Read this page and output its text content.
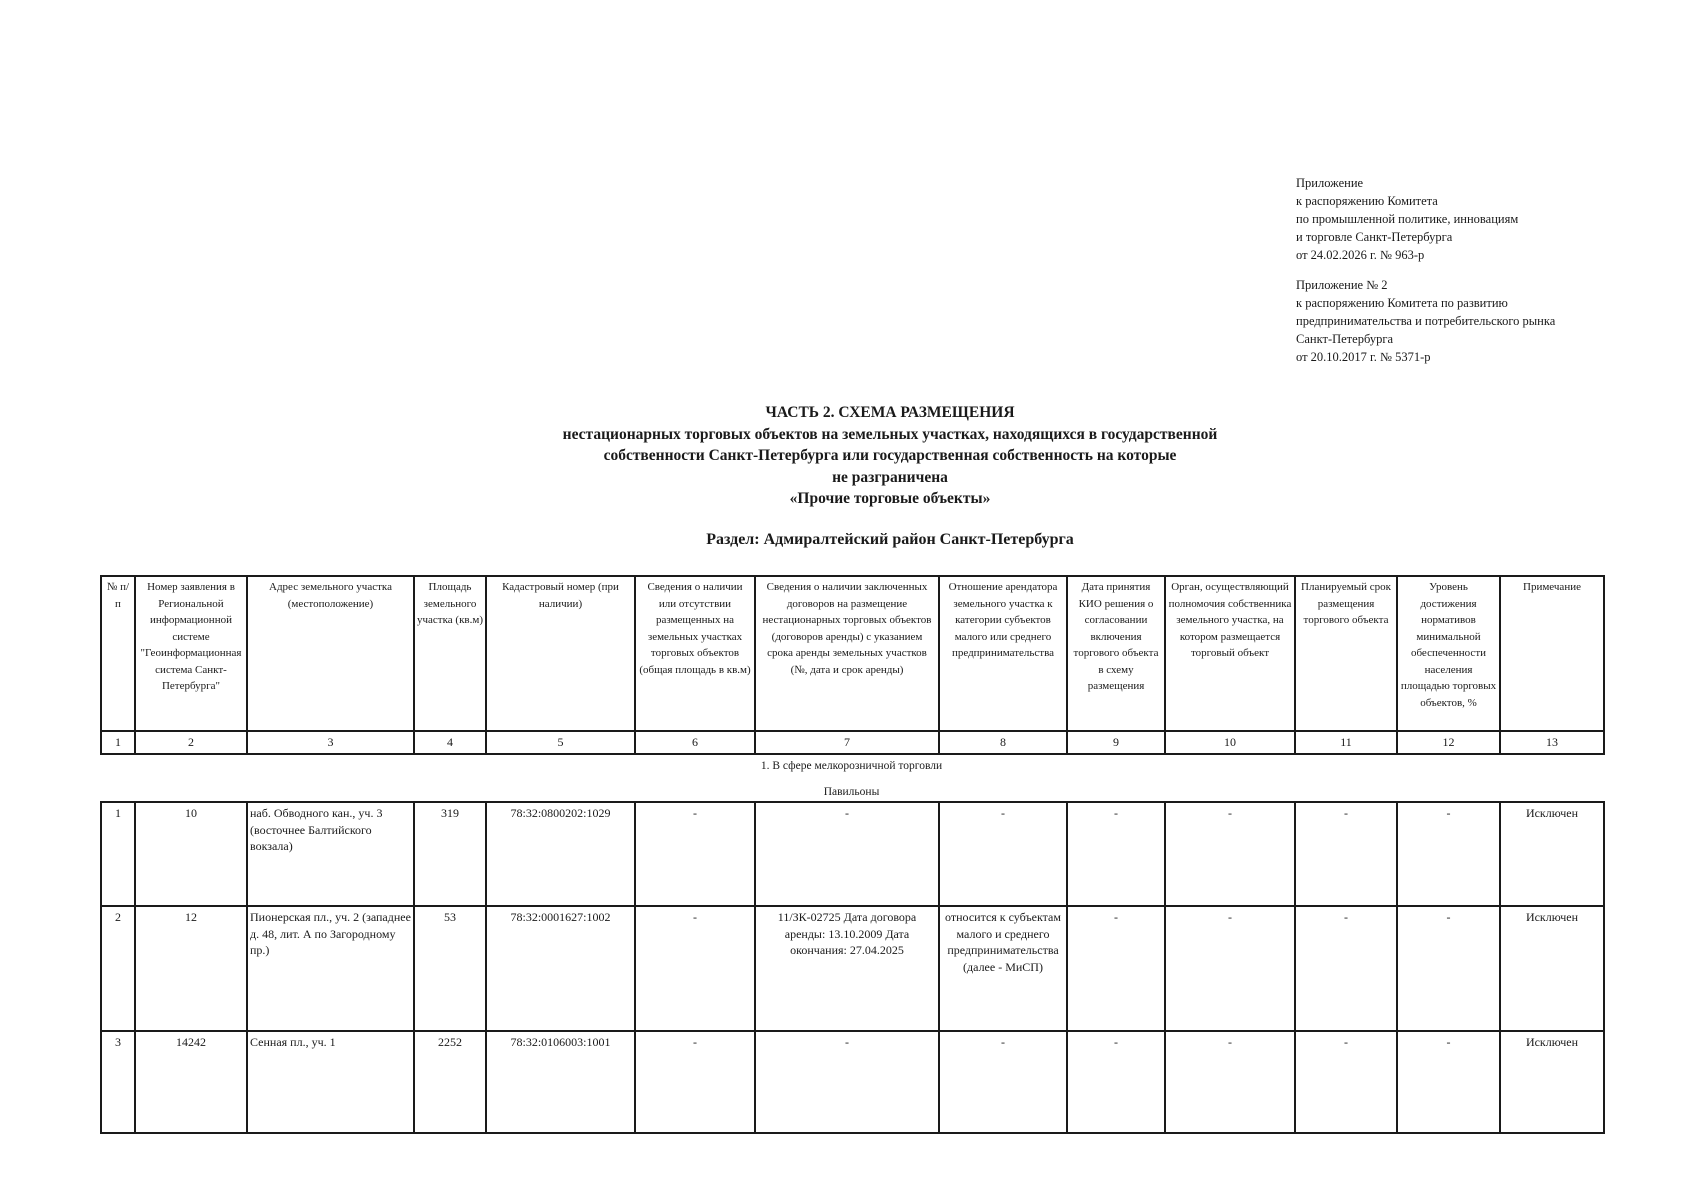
Приложение
к распоряжению Комитета
по промышленной политике, инновациям
и торговле Санкт-Петербурга
от 24.02.2026 г. № 963-р
Приложение № 2
к распоряжению Комитета по развитию
предпринимательства и потребительского рынка
Санкт-Петербурга
от 20.10.2017 г. № 5371-р
ЧАСТЬ 2. СХЕМА РАЗМЕЩЕНИЯ
нестационарных торговых объектов на земельных участках, находящихся в государственной
собственности Санкт-Петербурга или государственная собственность на которые
не разграничена
«Прочие торговые объекты»
Раздел: Адмиралтейский район Санкт-Петербурга
№ п/п	Номер заявления в Региональной информационной системе "Геоинформационная система Санкт-Петербурга"	Адрес земельного участка (местоположение)	Площадь земельного участка (кв.м)	Кадастровый номер (при наличии)	Сведения о наличии или отсутствии размещенных на земельных участках торговых объектов (общая площадь в кв.м)	Сведения о наличии заключенных договоров на размещение нестационарных торговых объектов (договоров аренды) с указанием срока аренды земельных участков (№, дата и срок аренды)	Отношение арендатора земельного участка к категории субъектов малого или среднего предпринимательства	Дата принятия КИО решения о согласовании включения торгового объекта в схему размещения	Орган, осуществляющий полномочия собственника земельного участка, на котором размещается торговый объект	Планируемый срок размещения торгового объекта	Уровень достижения нормативов минимальной обеспеченности населения площадью торговых объектов, %	Примечание
1	2	3	4	5	6	7	8	9	10	11	12	13
1. В сфере мелкорозничной торговли
Павильоны
1	10	наб. Обводного кан., уч. 3 (восточнее Балтийского вокзала)	319	78:32:0800202:1029	-	-	-	-	-	-	-	Исключен
2	12	Пионерская пл., уч. 2 (западнее д. 48, лит. А по Загородному пр.)	53	78:32:0001627:1002	-	11/ЗК-02725 Дата договора аренды: 13.10.2009 Дата окончания: 27.04.2025	относится к субъектам малого и среднего предпринимательства (далее - МиСП)	-	-	-	-	Исключен
3	14242	Сенная пл., уч. 1	2252	78:32:0106003:1001	-	-	-	-	-	-	-	Исключен
